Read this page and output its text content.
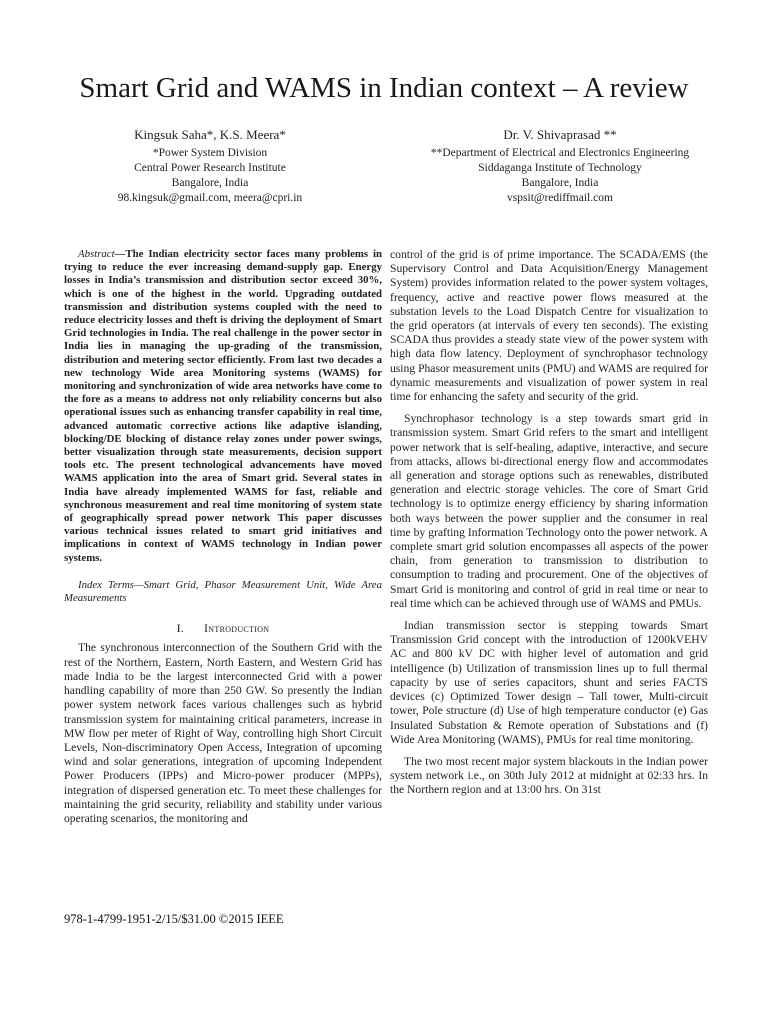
Smart Grid and WAMS in Indian context – A review
Kingsuk Saha*, K.S. Meera*
*Power System Division
Central Power Research Institute
Bangalore, India
98.kingsuk@gmail.com, meera@cpri.in
Dr. V. Shivaprasad **
**Department of Electrical and Electronics Engineering
Siddaganga Institute of Technology
Bangalore, India
vspsit@rediffmail.com

Abstract—The Indian electricity sector faces many problems in trying to reduce the ever increasing demand-supply gap. Energy losses in India’s transmission and distribution sector exceed 30%, which is one of the highest in the world. Upgrading outdated transmission and distribution systems coupled with the need to reduce electricity losses and theft is driving the deployment of Smart Grid technologies in India. The real challenge in the power sector in India lies in managing the up-grading of the transmission, distribution and metering sector efficiently. From last two decades a new technology Wide area Monitoring systems (WAMS) for monitoring and synchronization of wide area networks have come to the fore as a means to address not only reliability concerns but also operational issues such as enhancing transfer capability in real time, advanced automatic corrective actions like adaptive islanding, blocking/DE blocking of distance relay zones under power swings, better visualization through state measurements, decision support tools etc. The present technological advancements have moved WAMS application into the area of Smart grid. Several states in India have already implemented WAMS for fast, reliable and synchronous measurement and real time monitoring of system state of geographically spread power network This paper discusses various technical issues related to smart grid initiatives and implications in context of WAMS technology in Indian power systems.

Index Terms—Smart Grid, Phasor Measurement Unit, Wide Area Measurements

I.      Introduction

The synchronous interconnection of the Southern Grid with the rest of the Northern, Eastern, North Eastern, and Western Grid has made India to be the largest interconnected Grid with a power handling capability of more than 250 GW. So presently the Indian power system network faces various challenges such as hybrid transmission system for maintaining critical parameters, increase in MW flow per meter of Right of Way, controlling high Short Circuit Levels, Non-discriminatory Open Access, Integration of upcoming wind and solar generations, integration of upcoming Independent Power Producers (IPPs) and Micro-power producer (MPPs), integration of dispersed generation etc. To meet these challenges for maintaining the grid security, reliability and stability under various operating scenarios, the monitoring and

control of the grid is of prime importance. The SCADA/EMS (the Supervisory Control and Data Acquisition/Energy Management System) provides information related to the power system voltages, frequency, active and reactive power flows measured at the substation levels to the Load Dispatch Centre for visualization to the grid operators (at intervals of every ten seconds). The existing SCADA thus provides a steady state view of the power system with high data flow latency. Deployment of synchrophasor technology using Phasor measurement units (PMU) and WAMS are required for dynamic measurements and visualization of power system in real time for enhancing the safety and security of the grid.

Synchrophasor technology is a step towards smart grid in transmission system. Smart Grid refers to the smart and intelligent power network that is self-healing, adaptive, interactive, and secure from attacks, allows bi-directional energy flow and accommodates all generation and storage options such as renewables, distributed generation and electric storage vehicles. The core of Smart Grid technology is to optimize energy efficiency by sharing information both ways between the power supplier and the consumer in real time by grafting Information Technology onto the power network. A complete smart grid solution encompasses all aspects of the power chain, from generation to transmission to distribution to consumption to trading and procurement. One of the objectives of Smart Grid is monitoring and control of grid in real time or near to real time which can be achieved through use of WAMS and PMUs.

Indian transmission sector is stepping towards Smart Transmission Grid concept with the introduction of 1200kVEHV AC and 800 kV DC with higher level of automation and grid intelligence (b) Utilization of transmission lines up to full thermal capacity by use of series capacitors, shunt and series FACTS devices (c) Optimized Tower design – Tall tower, Multi-circuit tower, Pole structure (d) Use of high temperature conductor (e) Gas Insulated Substation & Remote operation of Substations and (f) Wide Area Monitoring (WAMS), PMUs for real time monitoring.

The two most recent major system blackouts in the Indian power system network i.e., on 30th July 2012 at midnight at 02:33 hrs. In the Northern region and at 13:00 hrs. On 31st

978-1-4799-1951-2/15/$31.00 ©2015 IEEE
